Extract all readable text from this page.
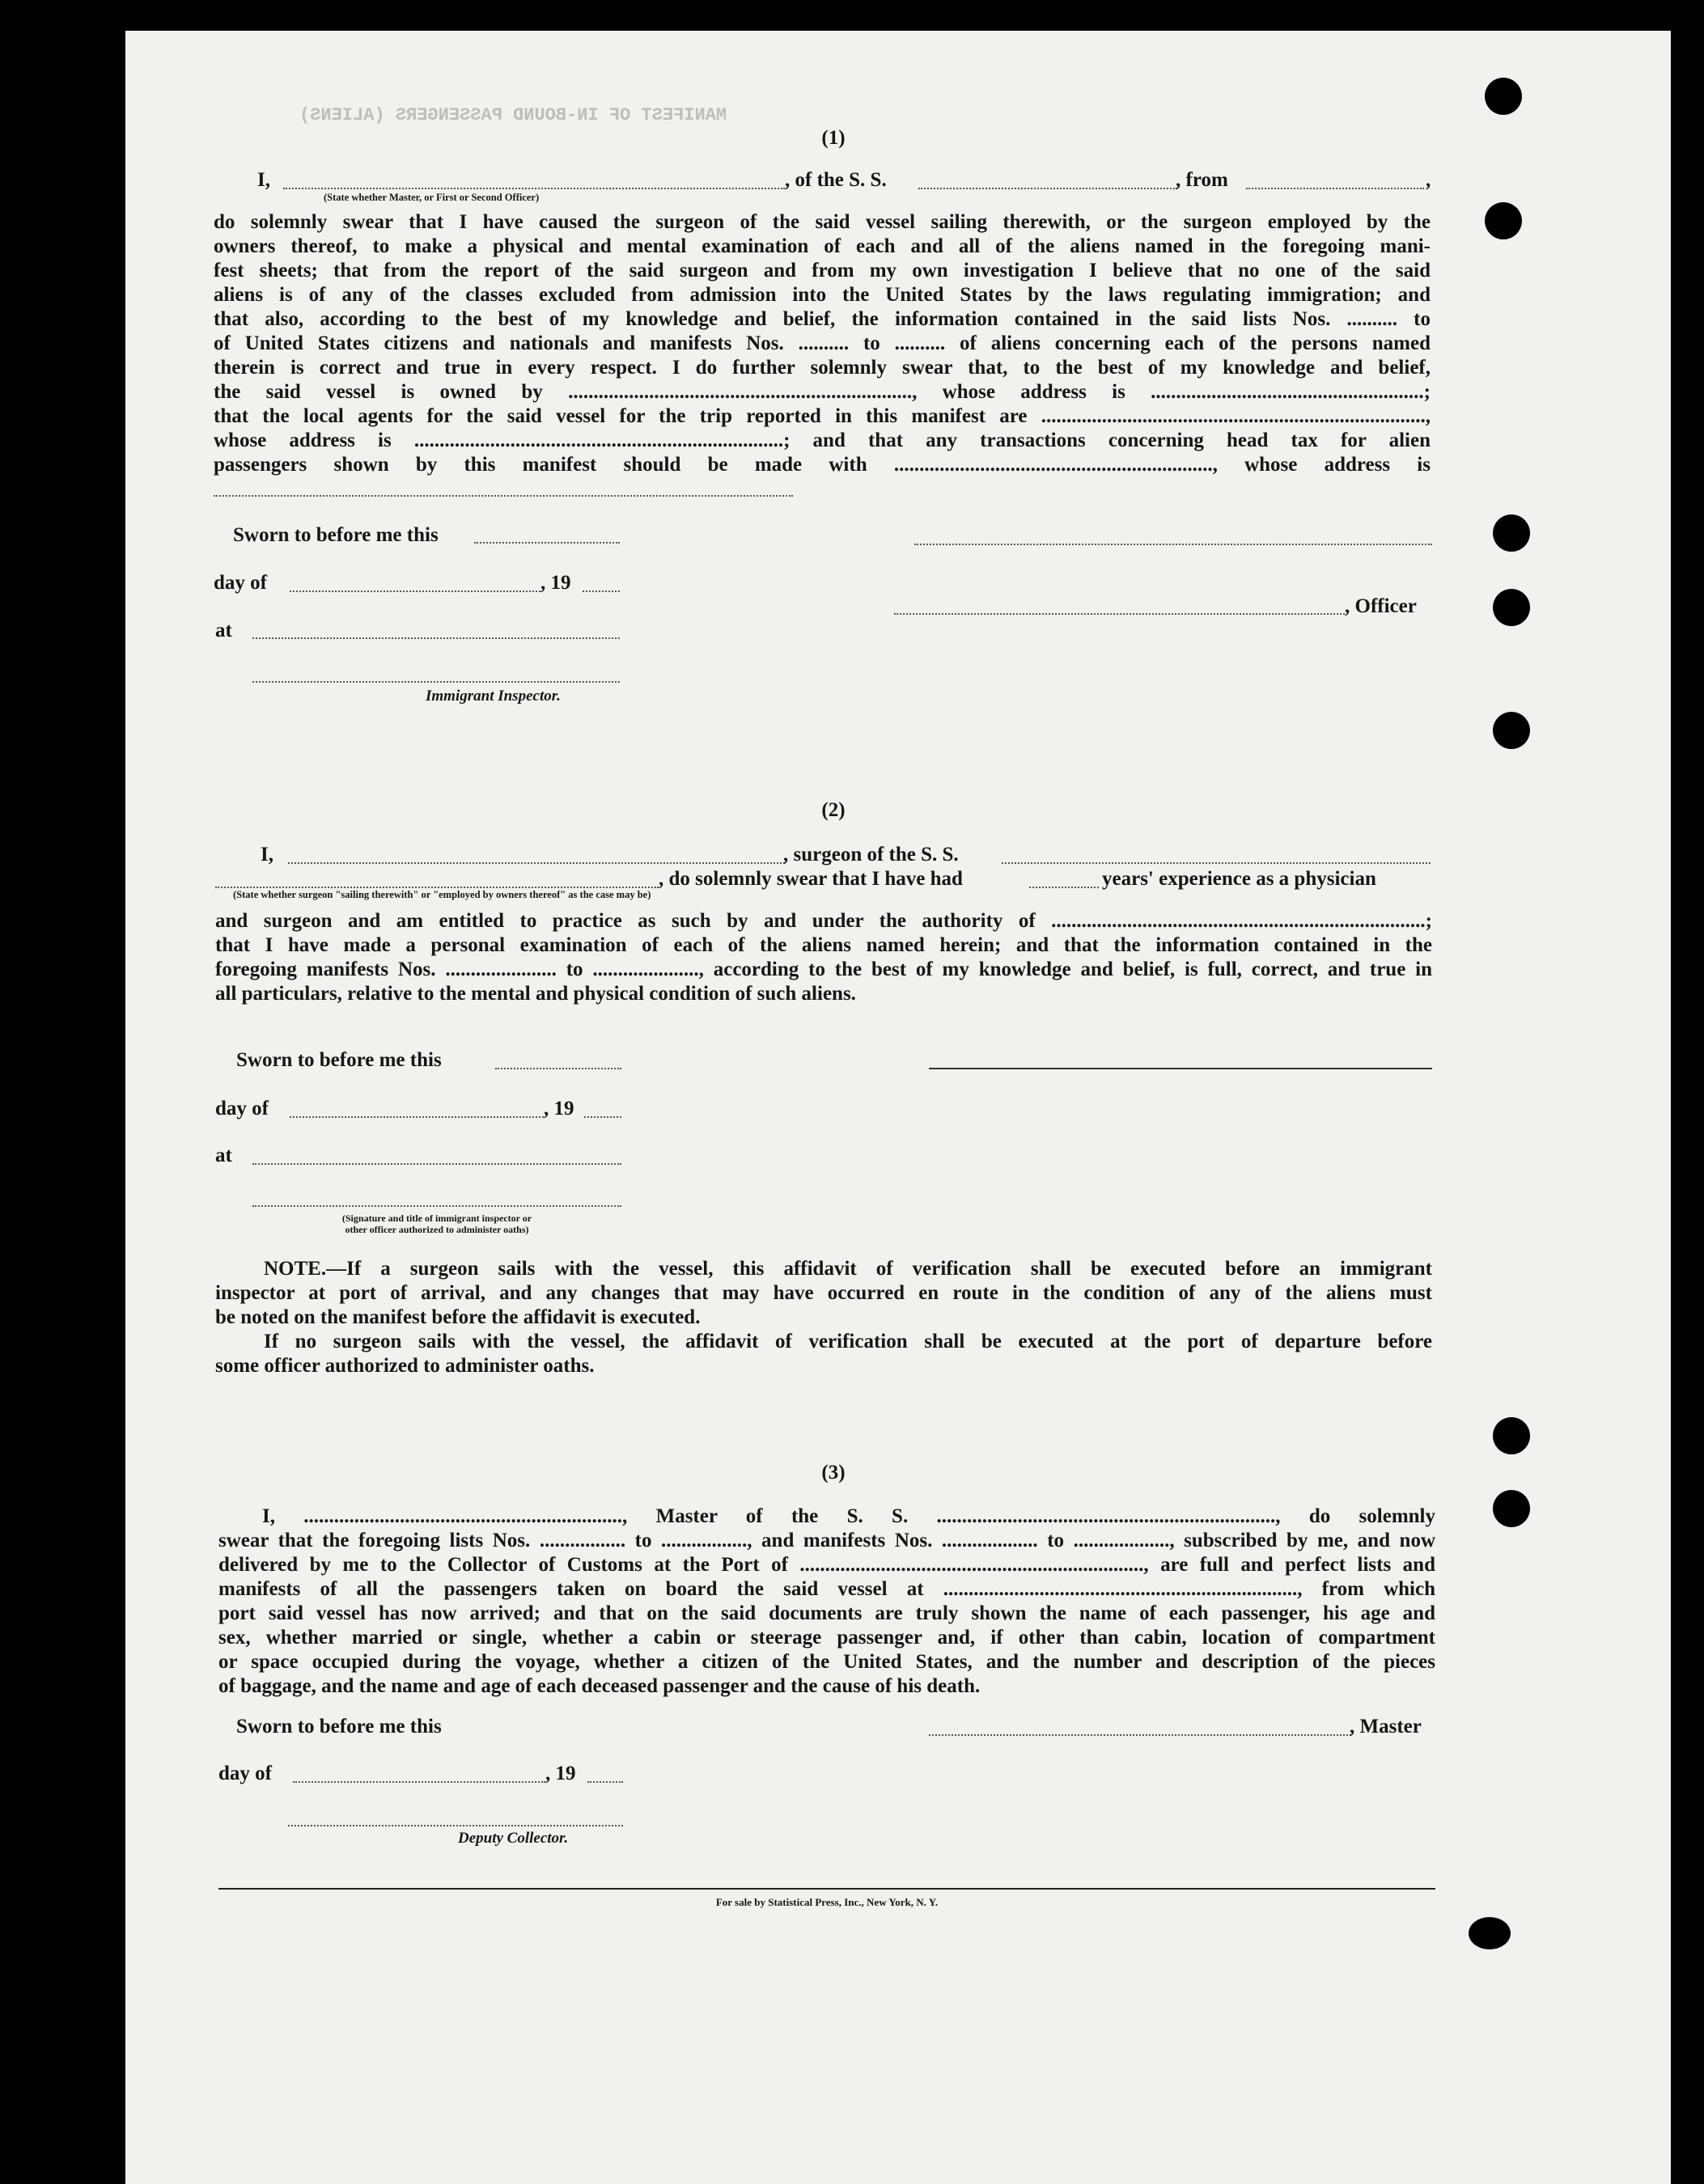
MANIFEST OF IN-BOUND PASSENGERS (ALIENS)
(1)
I,	, of the S. S.	, from	,
(State whether Master, or First or Second Officer)
do solemnly swear that I have caused the surgeon of the said vessel sailing therewith, or the surgeon employed by the
owners thereof, to make a physical and mental examination of each and all of the aliens named in the foregoing mani-
fest sheets; that from the report of the said surgeon and from my own investigation I believe that no one of the said
aliens is of any of the classes excluded from admission into the United States by the laws regulating immigration; and
that also, according to the best of my knowledge and belief, the information contained in the said lists Nos. .......... to
of United States citizens and nationals and manifests Nos. .......... to .......... of aliens concerning each of the persons named
therein is correct and true in every respect. I do further solemnly swear that, to the best of my knowledge and belief,
the said vessel is owned by ...................................................................., whose address is ......................................................;
that the local agents for the said vessel for the trip reported in this manifest are ............................................................................,
whose address is .........................................................................; and that any transactions concerning head tax for alien
passengers shown by this manifest should be made with ..............................................................., whose address is
Sworn to before me this
day of	, 19
, Officer
at
Immigrant Inspector.
(2)
I,	, surgeon of the S. S.
, do solemnly swear that I have had	years' experience as a physician
(State whether surgeon "sailing therewith" or "employed by owners thereof" as the case may be)
and surgeon and am entitled to practice as such by and under the authority of ..........................................................................;
that I have made a personal examination of each of the aliens named herein; and that the information contained in the
foregoing manifests Nos. ...................... to ....................., according to the best of my knowledge and belief, is full, correct, and true in
all particulars, relative to the mental and physical condition of such aliens.
Sworn to before me this
day of	, 19
at
(Signature and title of immigrant inspector or
other officer authorized to administer oaths)
NOTE.—If a surgeon sails with the vessel, this affidavit of verification shall be executed before an immigrant
inspector at port of arrival, and any changes that may have occurred en route in the condition of any of the aliens must
be noted on the manifest before the affidavit is executed.
If no surgeon sails with the vessel, the affidavit of verification shall be executed at the port of departure before
some officer authorized to administer oaths.
(3)
I, ..............................................................., Master of the S. S. ..................................................................., do solemnly
swear that the foregoing lists Nos. ................. to ................., and manifests Nos. ................... to ..................., subscribed by me, and now
delivered by me to the Collector of Customs at the Port of ...................................................................., are full and perfect lists and
manifests of all the passengers taken on board the said vessel at ......................................................................, from which
port said vessel has now arrived; and that on the said documents are truly shown the name of each passenger, his age and
sex, whether married or single, whether a cabin or steerage passenger and, if other than cabin, location of compartment
or space occupied during the voyage, whether a citizen of the United States, and the number and description of the pieces
of baggage, and the name and age of each deceased passenger and the cause of his death.
Sworn to before me this	, Master
day of	, 19
Deputy Collector.
For sale by Statistical Press, Inc., New York, N. Y.
